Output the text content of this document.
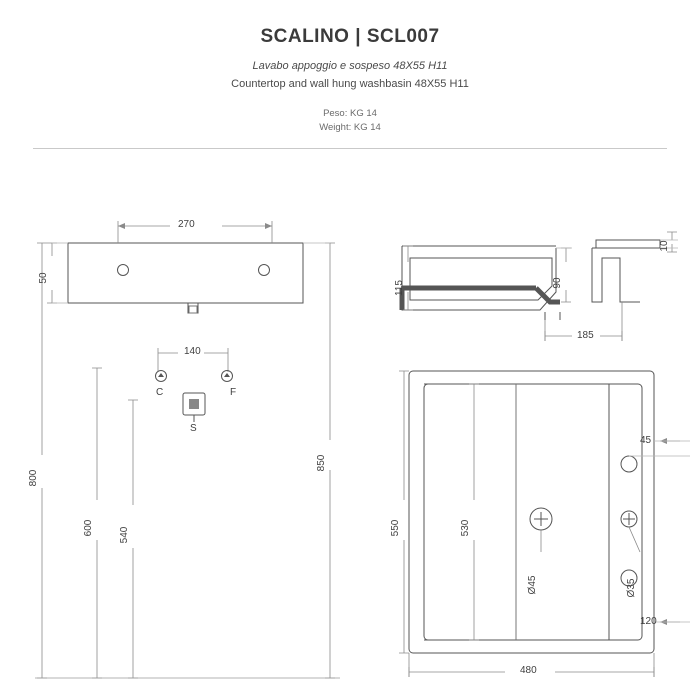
SCALINO | SCL007
Lavabo appoggio e sospeso 48X55 H11
Countertop and wall hung washbasin 48X55 H11
Peso: KG 14
Weight: KG 14
270
50
140
850
800
600	540
C	F
S
10
115	90
185
45
550	530
120
480
Ø45	Ø35
